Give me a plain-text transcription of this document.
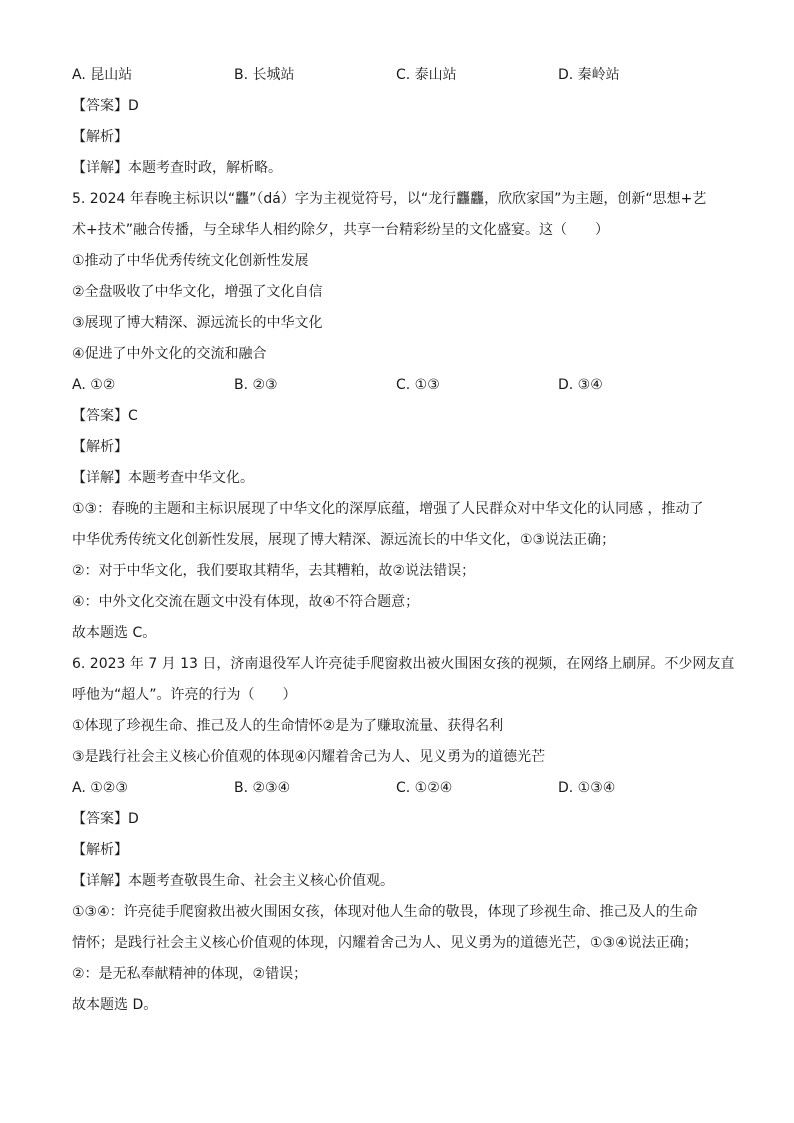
A. 昆山站	B. 长城站	C. 泰山站	D. 秦岭站
【答案】D
【解析】
【详解】本题考查时政，解析略。
5. 2024 年春晚主标识以“龘”（dá）字为主视觉符号，以“龙行龘龘，欣欣家国”为主题，创新“思想+艺
术+技术”融合传播，与全球华人相约除夕，共享一台精彩纷呈的文化盛宴。这（　　）
①推动了中华优秀传统文化创新性发展
②全盘吸收了中华文化，增强了文化自信
③展现了博大精深、源远流长的中华文化
④促进了中外文化的交流和融合
A. ①②	B. ②③	C. ①③	D. ③④
【答案】C
【解析】
【详解】本题考查中华文化。
①③：春晚的主题和主标识展现了中华文化的深厚底蕴，增强了人民群众对中华文化的认同感 ，推动了
中华优秀传统文化创新性发展，展现了博大精深、源远流长的中华文化，①③说法正确；
②：对于中华文化，我们要取其精华，去其糟粕，故②说法错误；
④：中外文化交流在题文中没有体现，故④不符合题意；
故本题选 C。
6. 2023 年 7 月 13 日，济南退役军人许亮徒手爬窗救出被火围困女孩的视频，在网络上刷屏。不少网友直
呼他为“超人”。许亮的行为（　　）
①体现了珍视生命、推己及人的生命情怀②是为了赚取流量、获得名利
③是践行社会主义核心价值观的体现④闪耀着舍己为人、见义勇为的道德光芒
A. ①②③	B. ②③④	C. ①②④	D. ①③④
【答案】D
【解析】
【详解】本题考查敬畏生命、社会主义核心价值观。
①③④：许亮徒手爬窗救出被火围困女孩，体现对他人生命的敬畏，体现了珍视生命、推己及人的生命
情怀；是践行社会主义核心价值观的体现，闪耀着舍己为人、见义勇为的道德光芒，①③④说法正确；
②：是无私奉献精神的体现，②错误；
故本题选 D。
